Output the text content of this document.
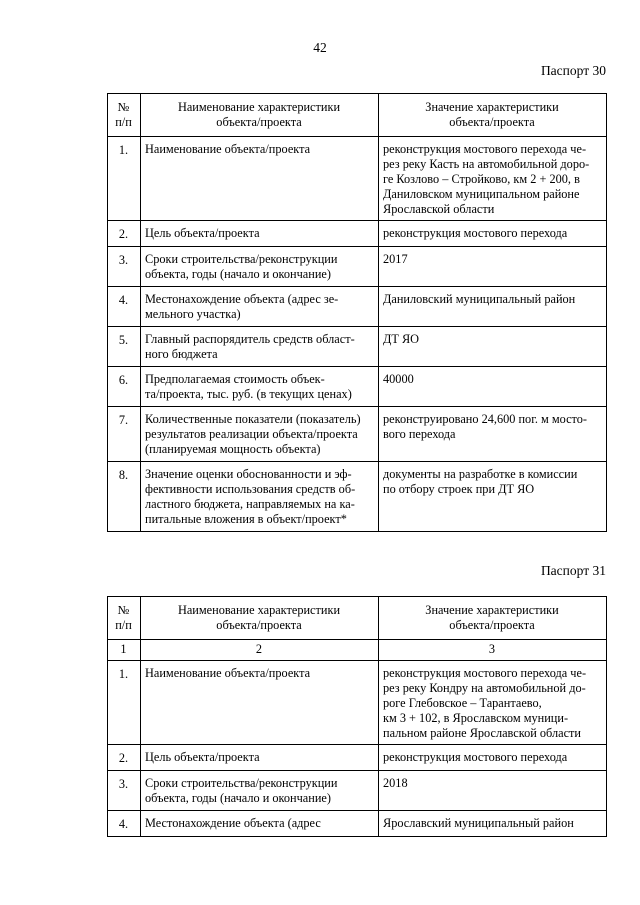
42
Паспорт 30
№
п/п	Наименование характеристики
объекта/проекта	Значение характеристики
объекта/проекта
1.	Наименование объекта/проекта	реконструкция мостового перехода че-
рез реку Касть на автомобильной доро-
ге Козлово – Стройково, км 2 + 200, в
Даниловском муниципальном районе
Ярославской области
2.	Цель объекта/проекта	реконструкция мостового перехода
3.	Сроки строительства/реконструкции
объекта, годы (начало и окончание)	2017
4.	Местонахождение объекта (адрес зе-
мельного участка)	Даниловский муниципальный район
5.	Главный распорядитель средств област-
ного бюджета	ДТ ЯО
6.	Предполагаемая стоимость объек-
та/проекта, тыс. руб. (в текущих ценах)	40000
7.	Количественные показатели (показатель)
результатов реализации объекта/проекта
(планируемая мощность объекта)	реконструировано 24,600 пог. м мосто-
вого перехода
8.	Значение оценки обоснованности и эф-
фективности использования средств об-
ластного бюджета, направляемых на ка-
питальные вложения в объект/проект*	документы на разработке в комиссии
по отбору строек при ДТ ЯО
Паспорт 31
№
п/п	Наименование характеристики
объекта/проекта	Значение характеристики
объекта/проекта
1	2	3
1.	Наименование объекта/проекта	реконструкция мостового перехода че-
рез реку Кондру на автомобильной до-
роге Глебовское – Тарантаево,
км 3 + 102, в Ярославском муници-
пальном районе Ярославской области
2.	Цель объекта/проекта	реконструкция мостового перехода
3.	Сроки строительства/реконструкции
объекта, годы (начало и окончание)	2018
4.	Местонахождение объекта (адрес	Ярославский муниципальный район
